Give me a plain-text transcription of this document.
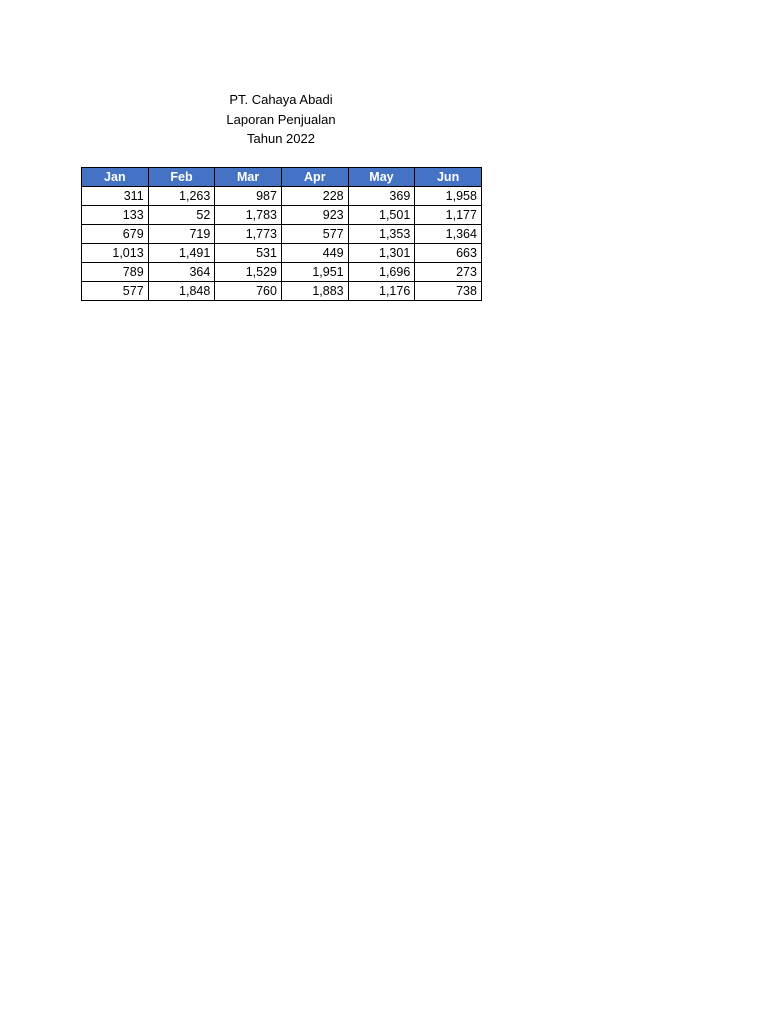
PT. Cahaya Abadi
Laporan Penjualan
Tahun 2022
Jan	Feb	Mar	Apr	May	Jun
311	1,263	987	228	369	1,958
133	52	1,783	923	1,501	1,177
679	719	1,773	577	1,353	1,364
1,013	1,491	531	449	1,301	663
789	364	1,529	1,951	1,696	273
577	1,848	760	1,883	1,176	738
